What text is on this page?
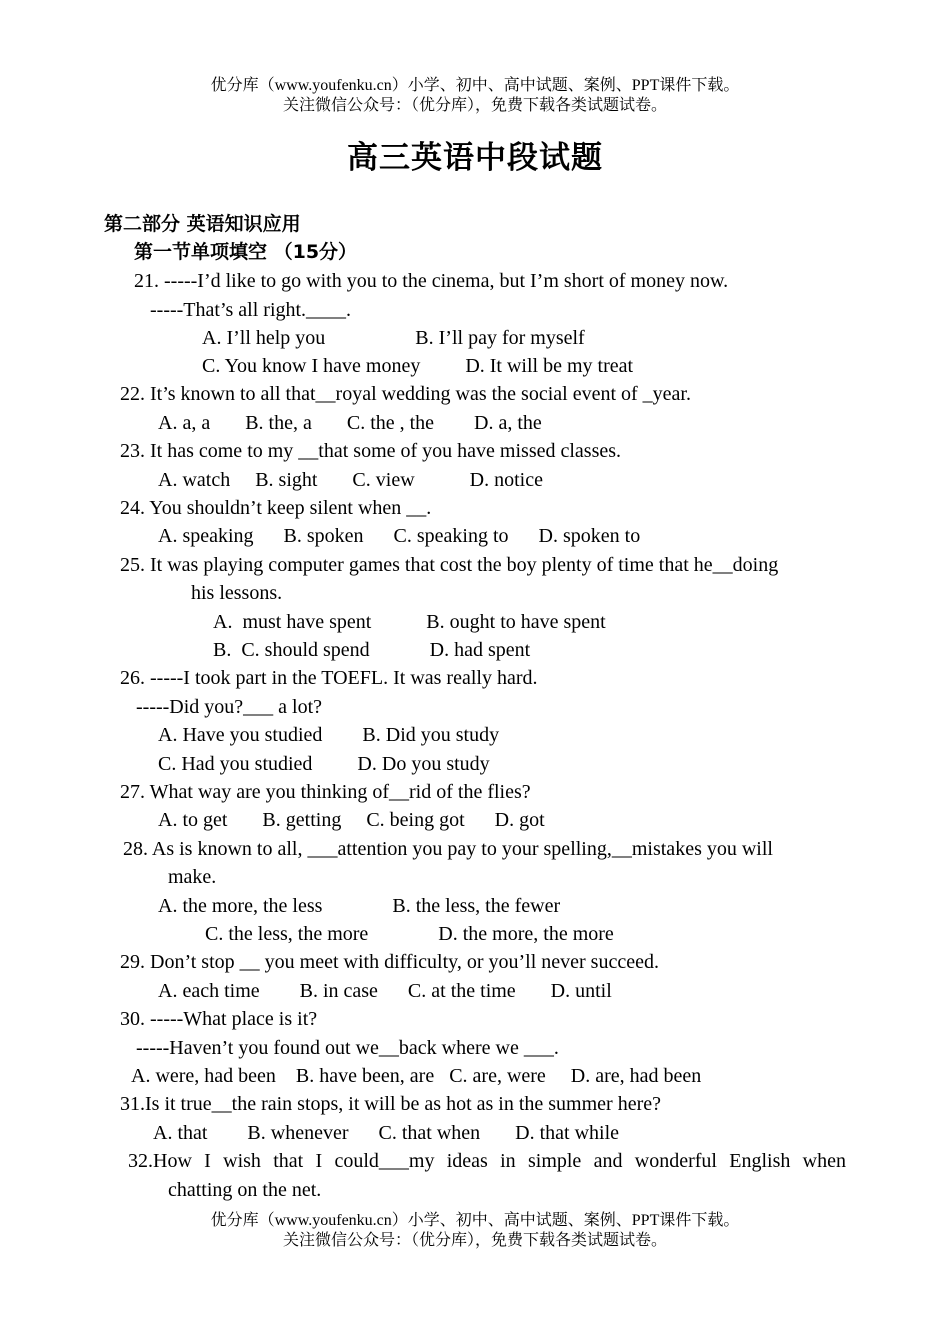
优分库（www.youfenku.cn）小学、初中、高中试题、案例、PPT课件下载。
关注微信公众号：（优分库），免费下载各类试题试卷。
高三英语中段试题
第二部分 英语知识应用
第一节单项填空 （15分）
21. -----I’d like to go with you to the cinema, but I’m short of money now.
-----That’s all right.____.
A. I’ll help you                  B. I’ll pay for myself
C. You know I have money         D. It will be my treat
22. It’s known to all that__royal wedding was the social event of _year.
A. a, a       B. the, a       C. the , the        D. a, the
23. It has come to my __that some of you have missed classes.
A. watch     B. sight       C. view           D. notice
24. You shouldn’t keep silent when __.
A. speaking      B. spoken      C. speaking to      D. spoken to
25. It was playing computer games that cost the boy plenty of time that he__doing
his lessons.
A.  must have spent           B. ought to have spent
B.  C. should spend            D. had spent
26. -----I took part in the TOEFL. It was really hard.
-----Did you?___ a lot?
A. Have you studied        B. Did you study
C. Had you studied         D. Do you study
27. What way are you thinking of__rid of the flies?
A. to get       B. getting     C. being got      D. got
28. As is known to all, ___attention you pay to your spelling,__mistakes you will
make.
A. the more, the less              B. the less, the fewer
C. the less, the more              D. the more, the more
29. Don’t stop __ you meet with difficulty, or you’ll never succeed.
A. each time        B. in case      C. at the time       D. until
30. -----What place is it?
-----Haven’t you found out we__back where we ___.
A. were, had been    B. have been, are   C. are, were     D. are, had been
31.Is it true__the rain stops, it will be as hot as in the summer here?
A. that        B. whenever      C. that when       D. that while
32.How I wish that I could___my ideas in simple and wonderful English when
chatting on the net.
优分库（www.youfenku.cn）小学、初中、高中试题、案例、PPT课件下载。
关注微信公众号：（优分库），免费下载各类试题试卷。
